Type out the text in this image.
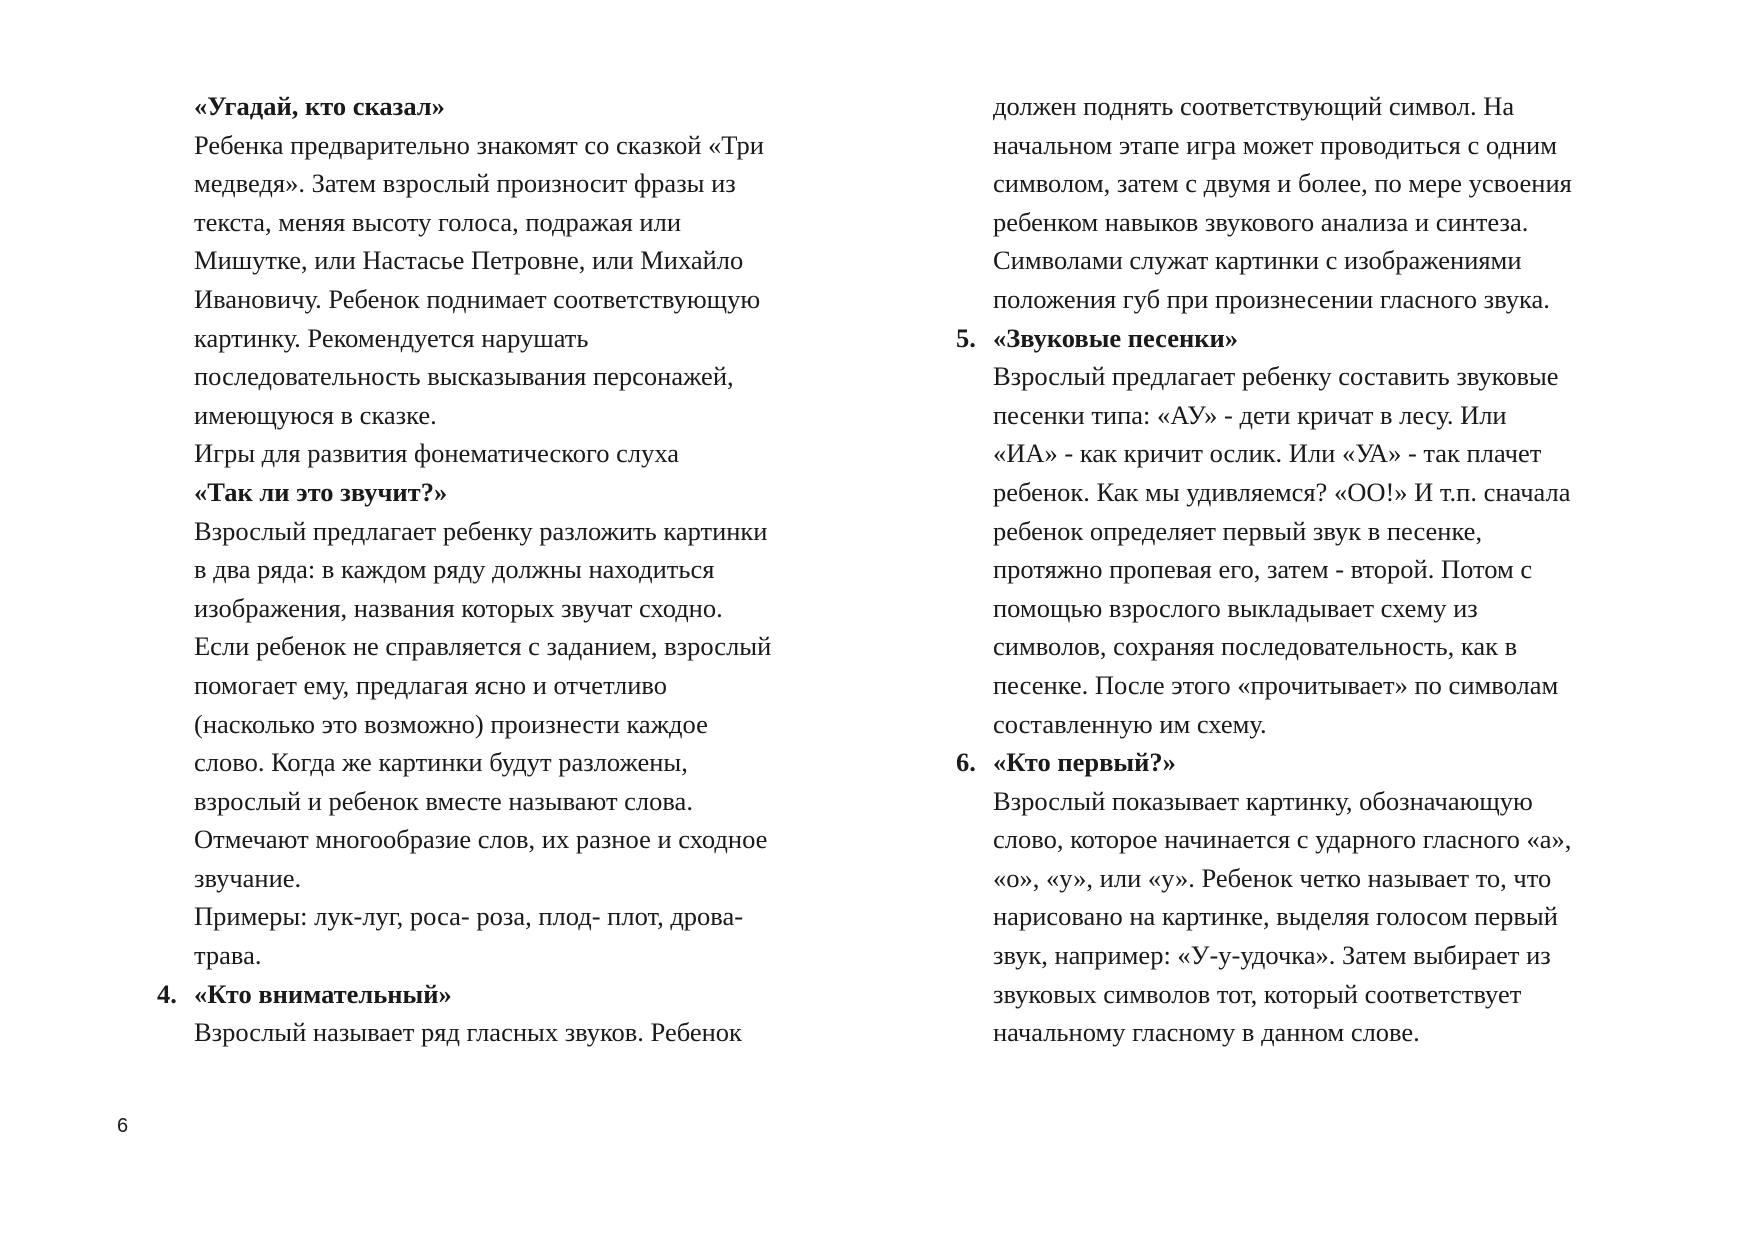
«Угадай, кто сказал»
Ребенка предварительно знакомят со сказкой «Три
медведя». Затем взрослый произносит фразы из
текста, меняя высоту голоса, подражая или
Мишутке, или Настасье Петровне, или Михайло
Ивановичу. Ребенок поднимает соответствующую
картинку. Рекомендуется нарушать
последовательность высказывания персонажей,
имеющуюся в сказке.
Игры для развития фонематического слуха
«Так ли это звучит?»
Взрослый предлагает ребенку разложить картинки
в два ряда: в каждом ряду должны находиться
изображения, названия которых звучат сходно.
Если ребенок не справляется с заданием, взрослый
помогает ему, предлагая ясно и отчетливо
(насколько это возможно) произнести каждое
слово. Когда же картинки будут разложены,
взрослый и ребенок вместе называют слова.
Отмечают многообразие слов, их разное и сходное
звучание.
Примеры: лук-луг, роса- роза, плод- плот, дрова-
трава.
4. «Кто внимательный»
Взрослый называет ряд гласных звуков. Ребенок
должен поднять соответствующий символ. На
начальном этапе игра может проводиться с одним
символом, затем с двумя и более, по мере усвоения
ребенком навыков звукового анализа и синтеза.
Символами служат картинки с изображениями
положения губ при произнесении гласного звука.
5. «Звуковые песенки»
Взрослый предлагает ребенку составить звуковые
песенки типа: «АУ» - дети кричат в лесу. Или
«ИА» - как кричит ослик. Или «УА» - так плачет
ребенок. Как мы удивляемся? «ОО!» И т.п. сначала
ребенок определяет первый звук в песенке,
протяжно пропевая его, затем - второй. Потом с
помощью взрослого выкладывает схему из
символов, сохраняя последовательность, как в
песенке. После этого «прочитывает» по символам
составленную им схему.
6. «Кто первый?»
Взрослый показывает картинку, обозначающую
слово, которое начинается с ударного гласного «а»,
«о», «у», или «у». Ребенок четко называет то, что
нарисовано на картинке, выделяя голосом первый
звук, например: «У-у-удочка». Затем выбирает из
звуковых символов тот, который соответствует
начальному гласному в данном слове.
6
